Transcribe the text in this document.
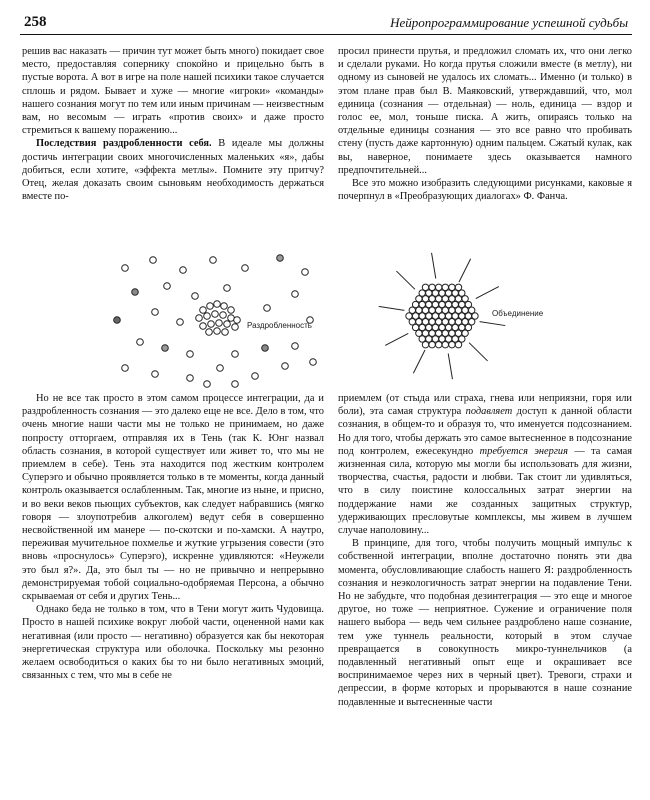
258	Нейропрограммирование успешной судьбы

решив вас наказать — причин тут может быть много) покидает свое место, предоставляя сопернику спокойно и прицельно быть в пустые ворота. А вот в игре на поле нашей психики такое случается сплошь и рядом. Бывает и хуже — многие «игроки» «команды» нашего сознания могут по тем или иным причинам — неизвестным вам, но весомым — играть «против своих» и даже просто стремиться к вашему поражению...

Последствия раздробленности себя. В идеале мы должны достичь интеграции своих многочисленных маленьких «я», дабы добиться, если хотите, «эффекта метлы». Помните эту притчу? Отец, желая доказать своим сыновьям необходимость держаться вместе по-

просил принести прутья, и предложил сломать их, что они легко и сделали руками. Но когда прутья сложили вместе (в метлу), ни одному из сыновей не удалось их сломать... Именно (и только) в этом плане прав был В. Маяковский, утверждавший, что, мол единица (сознания — отдельная) — ноль, единица — вздор и голос ее, мол, тоньше писка. А жить, опираясь только на отдельные единицы сознания — это все равно что пробивать стену (пусть даже картонную) одним пальцем. Сжатый кулак, как вы, наверное, понимаете здесь оказывается намного предпочтительней...

Все это можно изобразить следующими рисунками, каковые я почерпнул в «Преобразующих диалогах» Ф. Фанча.

Раздробленность
Объединение

Но не все так просто в этом самом процессе интеграции, да и раздробленность сознания — это далеко еще не все. Дело в том, что очень многие наши части мы не только не принимаем, но даже попросту отторгаем, отправляя их в Тень (так К. Юнг назвал область сознания, в которой существует или живет то, что мы не приемлем в себе). Тень эта находится под жестким контролем Суперэго и обычно проявляется только в те моменты, когда данный контроль оказывается ослабленным. Так, многие из ныне, и присно, и во веки веков пьющих субъектов, как следует набравшись (мягко говоря — злоупотребив алкоголем) ведут себя в совершенно несвойственной им манере — по-скотски и по-хамски. А наутро, переживая мучительное похмелье и жуткие угрызения совести (это вновь «проснулось» Суперэго), искренне удивляются: «Неужели это был я?». Да, это был ты — но не привычно и непрерывно демонстрируемая тобой социально-одобряемая Персона, а обычно скрываемая от себя и других Тень...

Однако беда не только в том, что в Тени могут жить Чудовища. Просто в нашей психике вокруг любой части, оцененной нами как негативная (или просто — негативно) образуется как бы некоторая энергетическая структура или оболочка. Поскольку мы резонно желаем освободиться о каких бы то ни было негативных эмоций, связанных с тем, что мы в себе не

приемлем (от стыда или страха, гнева или неприязни, горя или боли), эта самая структура подавляет доступ к данной области сознания, в общем-то и образуя то, что именуется подсознанием. Но для того, чтобы держать это самое вытесненное в подсознание под контролем, ежесекундно требуется энергия — та самая жизненная сила, которую мы могли бы использовать для жизни, творчества, счастья, радости и любви. Так стоит ли удивляться, что в силу поистине колоссальных затрат энергии на поддержание нами же созданных защитных структур, удерживающих пресловутые комплексы, мы живем в лучшем случае наполовину...

В принципе, для того, чтобы получить мощный импульс к собственной интеграции, вполне достаточно понять эти два момента, обусловливающие слабость нашего Я: раздробленность сознания и неэкологичность затрат энергии на подавление Тени. Но не забудьте, что подобная дезинтеграция — это еще и многое другое, но тоже — неприятное. Сужение и ограничение поля нашего выбора — ведь чем сильнее раздроблено наше сознание, тем уже туннель реальности, который в этом случае превращается в совокупность микро-туннельчиков (а подавленный негативный опыт еще и окрашивает все воспринимаемое через них в черный цвет). Тревоги, страхи и депрессии, в форме которых и прорываются в наше сознание подавленные и вытесненные части
